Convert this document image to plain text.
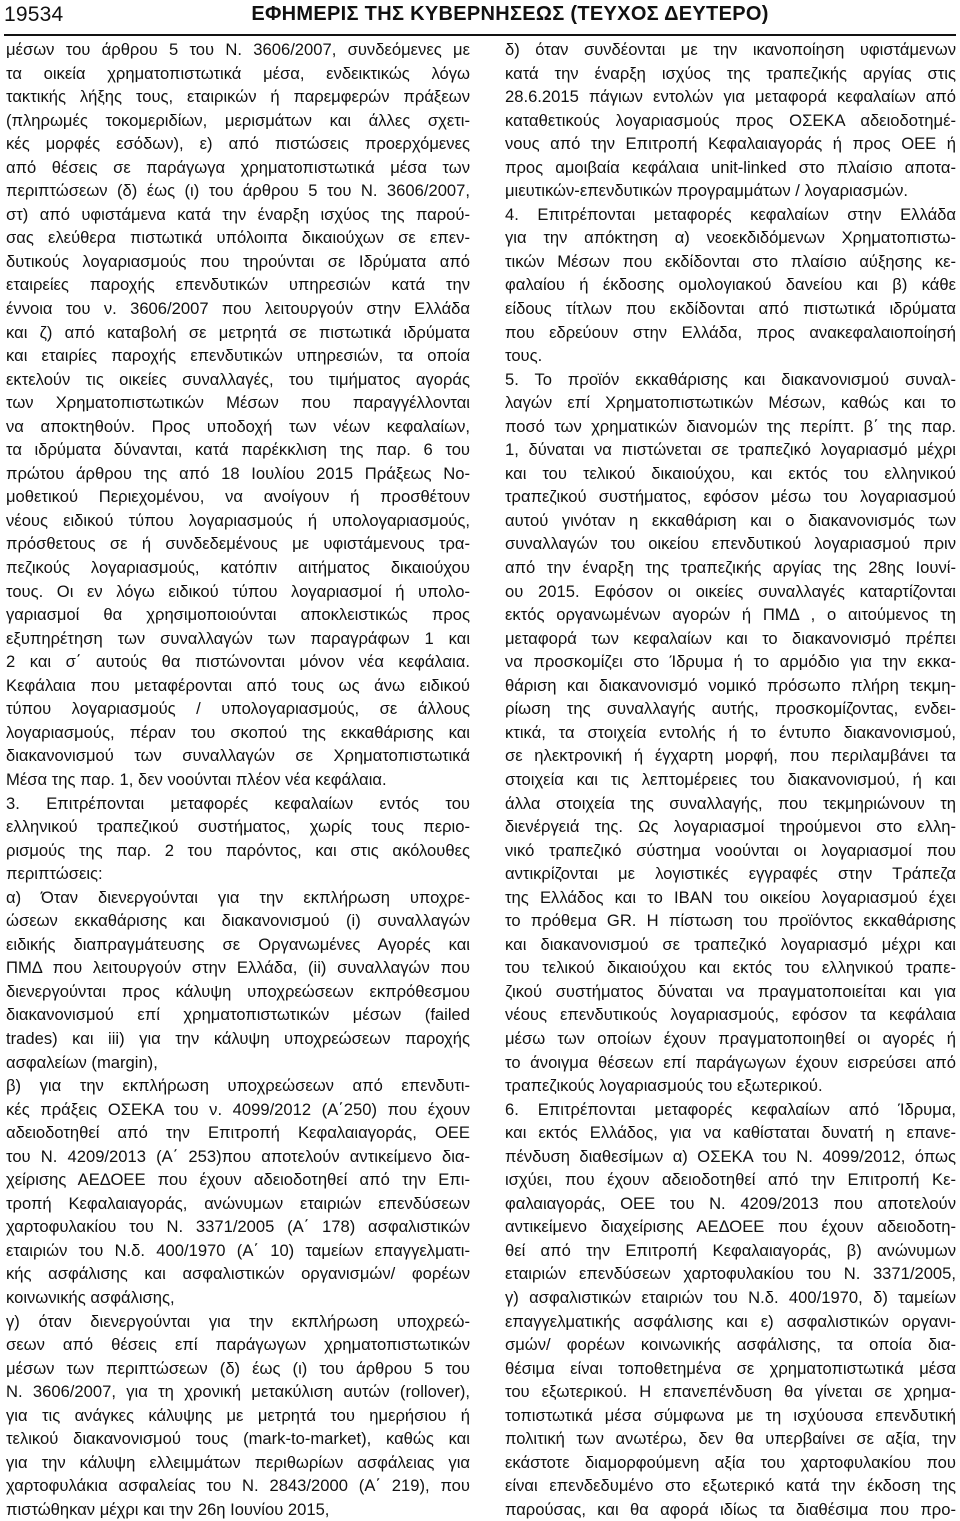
19534	ΕΦΗΜΕΡΙΣ ΤΗΣ ΚΥΒΕΡΝΗΣΕΩΣ (ΤΕΥΧΟΣ ΔΕΥΤΕΡΟ)
μέσων του άρθρου 5 του Ν. 3606/2007, συνδεόμενες με
τα οικεία χρηματοπιστωτικά μέσα, ενδεικτικώς λόγω
τακτικής λήξης τους, εταιρικών ή παρεμφερών πράξεων
(πληρωμές τοκομεριδίων, μερισμάτων και άλλες σχετι-
κές μορφές εσόδων), ε) από πιστώσεις προερχόμενες
από θέσεις σε παράγωγα χρηματοπιστωτικά μέσα των
περιπτώσεων (δ) έως (ι) του άρθρου 5 του Ν. 3606/2007,
στ) από υφιστάμενα κατά την έναρξη ισχύος της παρού-
σας ελεύθερα πιστωτικά υπόλοιπα δικαιούχων σε επεν-
δυτικούς λογαριασμούς που τηρούνται σε Ιδρύματα από
εταιρείες παροχής επενδυτικών υπηρεσιών κατά την
έννοια του ν. 3606/2007 που λειτουργούν στην Ελλάδα
και ζ) από καταβολή σε μετρητά σε πιστωτικά ιδρύματα
και εταιρίες παροχής επενδυτικών υπηρεσιών, τα οποία
εκτελούν τις οικείες συναλλαγές, του τιμήματος αγοράς
των Χρηματοπιστωτικών Μέσων που παραγγέλλονται
να αποκτηθούν. Προς υποδοχή των νέων κεφαλαίων,
τα ιδρύματα δύνανται, κατά παρέκκλιση της παρ. 6 του
πρώτου άρθρου της από 18 Ιουλίου 2015 Πράξεως Νο-
μοθετικού Περιεχομένου, να ανοίγουν ή προσθέτουν
νέους ειδικού τύπου λογαριασμούς ή υπολογαριασμούς,
πρόσθετους σε ή συνδεδεμένους με υφιστάμενους τρα-
πεζικούς λογαριασμούς, κατόπιν αιτήματος δικαιούχου
τους. Οι εν λόγω ειδικού τύπου λογαριασμοί ή υπολο-
γαριασμοί θα χρησιμοποιούνται αποκλειστικώς προς
εξυπηρέτηση των συναλλαγών των παραγράφων 1 και
2 και σ΄ αυτούς θα πιστώνονται μόνον νέα κεφάλαια.
Κεφάλαια που μεταφέρονται από τους ως άνω ειδικού
τύπου λογαριασμούς / υπολογαριασμούς, σε άλλους
λογαριασμούς, πέραν του σκοπού της εκκαθάρισης και
διακανονισμού των συναλλαγών σε Χρηματοπιστωτικά
Μέσα της παρ. 1, δεν νοούνται πλέον νέα κεφάλαια.
3. Επιτρέπονται μεταφορές κεφαλαίων εντός του
ελληνικού τραπεζικού συστήματος, χωρίς τους περιο-
ρισμούς της παρ. 2 του παρόντος, και στις ακόλουθες
περιπτώσεις:
α) Όταν διενεργούνται για την εκπλήρωση υποχρε-
ώσεων εκκαθάρισης και διακανονισμού (i) συναλλαγών
ειδικής διαπραγμάτευσης σε Οργανωμένες Αγορές και
ΠΜΔ που λειτουργούν στην Ελλάδα, (ii) συναλλαγών που
διενεργούνται προς κάλυψη υποχρεώσεων εκπρόθεσμου
διακανονισμού επί χρηματοπιστωτικών μέσων (failed
trades) και iii) για την κάλυψη υποχρεώσεων παροχής
ασφαλείων (margin),
β) για την εκπλήρωση υποχρεώσεων από επενδυτι-
κές πράξεις ΟΣΕΚΑ του ν. 4099/2012 (Α΄250) που έχουν
αδειοδοτηθεί από την Επιτροπή Κεφαλαιαγοράς, ΟΕΕ
του Ν. 4209/2013 (Α΄ 253)που αποτελούν αντικείμενο δια-
χείρισης ΑΕΔΟΕΕ που έχουν αδειοδοτηθεί από την Επι-
τροπή Κεφαλαιαγοράς, ανώνυμων εταιριών επενδύσεων
χαρτοφυλακίου του Ν. 3371/2005 (Α΄ 178) ασφαλιστικών
εταιριών του Ν.δ. 400/1970 (Α΄ 10) ταμείων επαγγελματι-
κής ασφάλισης και ασφαλιστικών οργανισμών/ φορέων
κοινωνικής ασφάλισης,
γ) όταν διενεργούνται για την εκπλήρωση υποχρεώ-
σεων από θέσεις επί παράγωγων χρηματοπιστωτικών
μέσων των περιπτώσεων (δ) έως (ι) του άρθρου 5 του
Ν. 3606/2007, για τη χρονική μετακύλιση αυτών (rollover),
για τις ανάγκες κάλυψης με μετρητά του ημερήσιου ή
τελικού διακανονισμού τους (mark-to-market), καθώς και
για την κάλυψη ελλειμμάτων περιθωρίων ασφάλειας για
χαρτοφυλάκια ασφαλείας του Ν. 2843/2000 (Α΄ 219), που
πιστώθηκαν μέχρι και την 26η Ιουνίου 2015,
δ) όταν συνδέονται με την ικανοποίηση υφιστάμενων
κατά την έναρξη ισχύος της τραπεζικής αργίας στις
28.6.2015 πάγιων εντολών για μεταφορά κεφαλαίων από
καταθετικούς λογαριασμούς προς ΟΣΕΚΑ αδειοδοτημέ-
νους από την Επιτροπή Κεφαλαιαγοράς ή προς ΟΕΕ ή
προς αμοιβαία κεφάλαια unit-linked στο πλαίσιο αποτα-
μιευτικών-επενδυτικών προγραμμάτων / λογαριασμών.
4. Επιτρέπονται μεταφορές κεφαλαίων στην Ελλάδα
για την απόκτηση α) νεοεκδιδόμενων Χρηματοπιστω-
τικών Μέσων που εκδίδονται στο πλαίσιο αύξησης κε-
φαλαίου ή έκδοσης ομολογιακού δανείου και β) κάθε
είδους τίτλων που εκδίδονται από πιστωτικά ιδρύματα
που εδρεύουν στην Ελλάδα, προς ανακεφαλαιοποίησή
τους.
5. Το προϊόν εκκαθάρισης και διακανονισμού συναλ-
λαγών επί Χρηματοπιστωτικών Μέσων, καθώς και το
ποσό των χρηματικών διανομών της περίπτ. β΄ της παρ.
1, δύναται να πιστώνεται σε τραπεζικό λογαριασμό μέχρι
και του τελικού δικαιούχου, και εκτός του ελληνικού
τραπεζικού συστήματος, εφόσον μέσω του λογαριασμού
αυτού γινόταν η εκκαθάριση και ο διακανονισμός των
συναλλαγών του οικείου επενδυτικού λογαριασμού πριν
από την έναρξη της τραπεζικής αργίας της 28ης Ιουνί-
ου 2015. Εφόσον οι οικείες συναλλαγές καταρτίζονται
εκτός οργανωμένων αγορών ή ΠΜΔ , ο αιτούμενος τη
μεταφορά των κεφαλαίων και το διακανονισμό πρέπει
να προσκομίζει στο Ίδρυμα ή το αρμόδιο για την εκκα-
θάριση και διακανονισμό νομικό πρόσωπο πλήρη τεκμη-
ρίωση της συναλλαγής αυτής, προσκομίζοντας, ενδει-
κτικά, τα στοιχεία εντολής ή το έντυπο διακανονισμού,
σε ηλεκτρονική ή έγχαρτη μορφή, που περιλαμβάνει τα
στοιχεία και τις λεπτομέρειες του διακανονισμού, ή και
άλλα στοιχεία της συναλλαγής, που τεκμηριώνουν τη
διενέργειά της. Ως λογαριασμοί τηρούμενοι στο ελλη-
νικό τραπεζικό σύστημα νοούνται οι λογαριασμοί που
αντικρίζονται με λογιστικές εγγραφές στην Τράπεζα
της Ελλάδος και το ΙΒΑΝ του οικείου λογαριασμού έχει
το πρόθεμα GR. Η πίστωση του προϊόντος εκκαθάρισης
και διακανονισμού σε τραπεζικό λογαριασμό μέχρι και
του τελικού δικαιούχου και εκτός του ελληνικού τραπε-
ζικού συστήματος δύναται να πραγματοποιείται και για
νέους επενδυτικούς λογαριασμούς, εφόσον τα κεφάλαια
μέσω των οποίων έχουν πραγματοποιηθεί οι αγορές ή
το άνοιγμα θέσεων επί παράγωγων έχουν εισρεύσει από
τραπεζικούς λογαριασμούς του εξωτερικού.
6. Επιτρέπονται μεταφορές κεφαλαίων από Ίδρυμα,
και εκτός Ελλάδος, για να καθίσταται δυνατή η επανε-
πένδυση διαθεσίμων α) ΟΣΕΚΑ του Ν. 4099/2012, όπως
ισχύει, που έχουν αδειοδοτηθεί από την Επιτροπή Κε-
φαλαιαγοράς, ΟΕΕ του Ν. 4209/2013 που αποτελούν
αντικείμενο διαχείρισης ΑΕΔΟΕΕ που έχουν αδειοδοτη-
θεί από την Επιτροπή Κεφαλαιαγοράς, β) ανώνυμων
εταιριών επενδύσεων χαρτοφυλακίου του Ν. 3371/2005,
γ) ασφαλιστικών εταιριών του Ν.δ. 400/1970, δ) ταμείων
επαγγελματικής ασφάλισης και ε) ασφαλιστικών οργανι-
σμών/ φορέων κοινωνικής ασφάλισης, τα οποία δια-
θέσιμα είναι τοποθετημένα σε χρηματοπιστωτικά μέσα
του εξωτερικού. Η επανεπένδυση θα γίνεται σε χρημα-
τοπιστωτικά μέσα σύμφωνα με τη ισχύουσα επενδυτική
πολιτική των ανωτέρω, δεν θα υπερβαίνει σε αξία, την
εκάστοτε διαμορφούμενη αξία του χαρτοφυλακίου που
είναι επενδεδυμένο στο εξωτερικό κατά την έκδοση της
παρούσας, και θα αφορά ιδίως τα διαθέσιμα που προ-
